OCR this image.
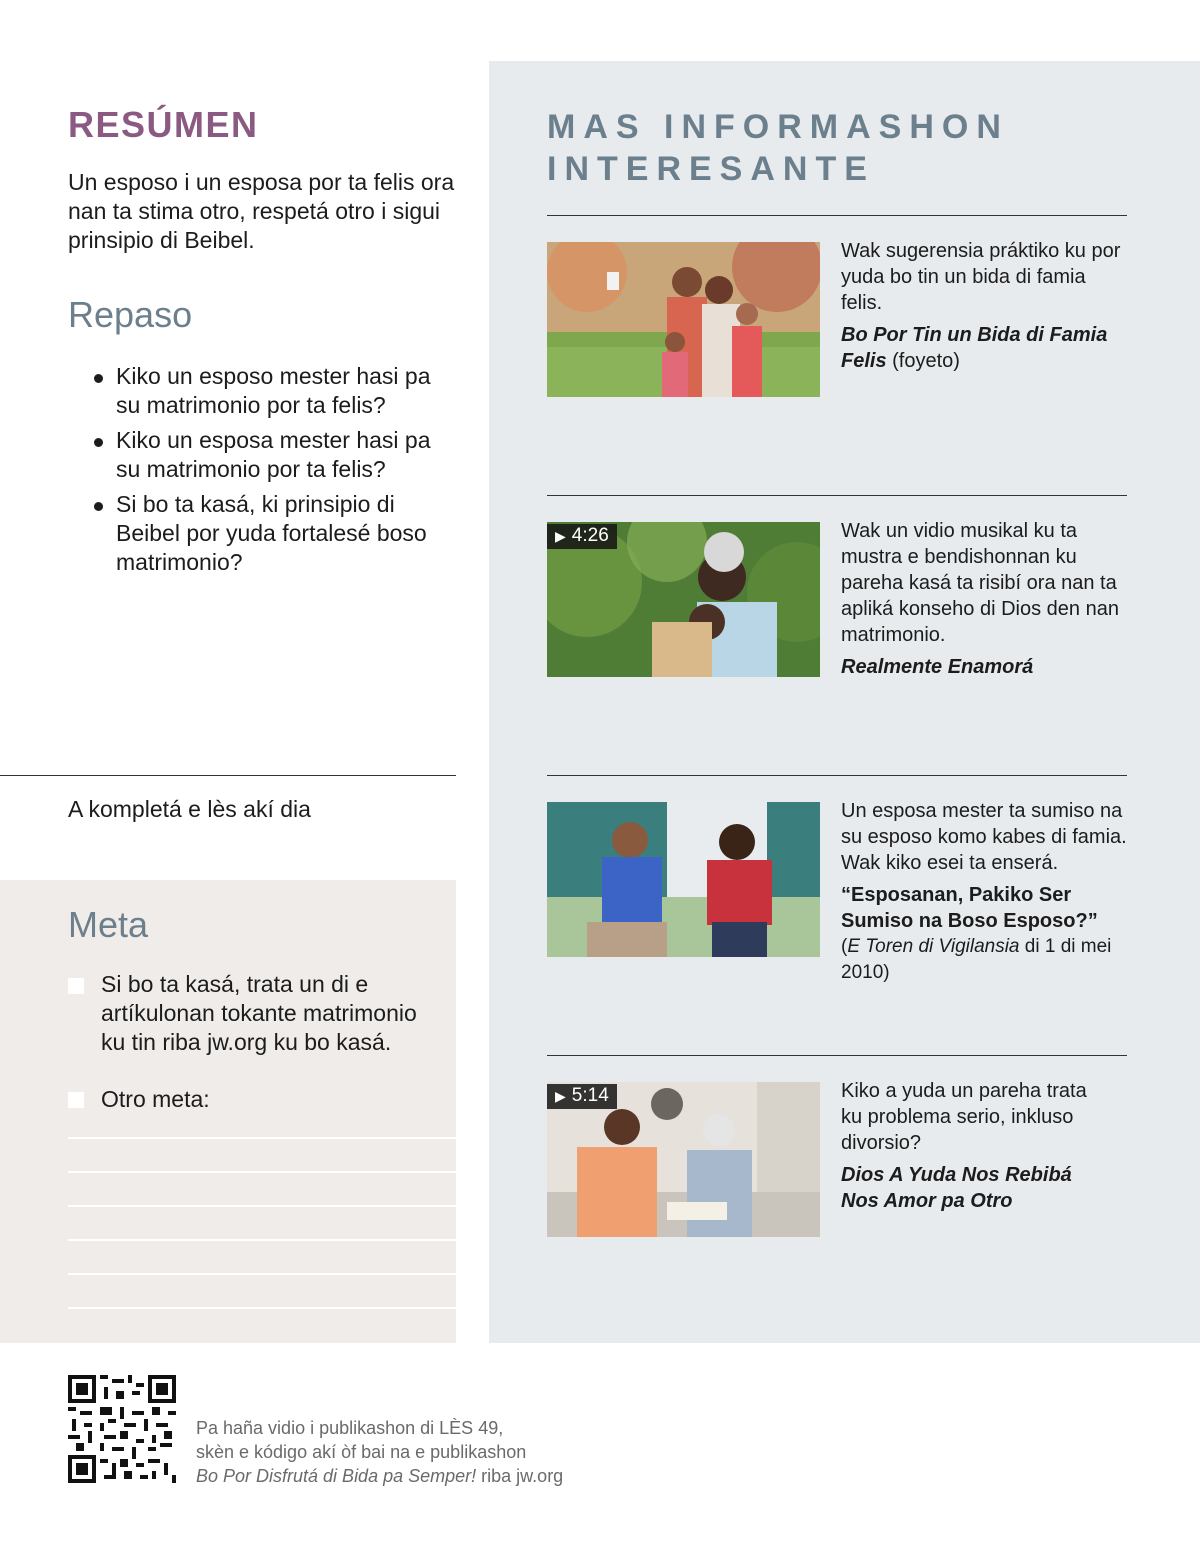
RESÚMEN

Un esposo i un esposa por ta felis ora nan ta stima otro, respetá otro i sigui prinsipio di Beibel.

Repaso
Kiko un esposo mester hasi pa su matrimonio por ta felis?
Kiko un esposa mester hasi pa su matrimonio por ta felis?
Si bo ta kasá, ki prinsipio di Beibel por yuda fortalesé boso matrimonio?
A kompletá e lès akí dia
Meta
Si bo ta kasá, trata un di e artíkulonan tokante matrimonio ku tin riba jw.org ku bo kasá.
Otro meta:
MAS INFORMASHON
INTERESANTE
Wak sugerensia práktiko ku por yuda bo tin un bida di famia felis.
Bo Por Tin un Bida di Famia Felis (foyeto)
▶ 4:26	Wak un vidio musikal ku ta mustra e bendishonnan ku pareha kasá ta risibí ora nan ta apliká konseho di Dios den nan matrimonio.
Realmente Enamorá
Un esposa mester ta sumiso na su esposo komo kabes di famia. Wak kiko esei ta enserá.
“Esposanan, Pakiko Ser Sumiso na Boso Esposo?”
(E Toren di Vigilansia di 1 di mei 2010)
▶ 5:14	Kiko a yuda un pareha trata ku problema serio, inkluso divorsio?
Dios A Yuda Nos Rebibá Nos Amor pa Otro
Pa haña vidio i publikashon di LÈS 49,
skèn e kódigo akí òf bai na e publikashon
Bo Por Disfrutá di Bida pa Semper! riba jw.org
